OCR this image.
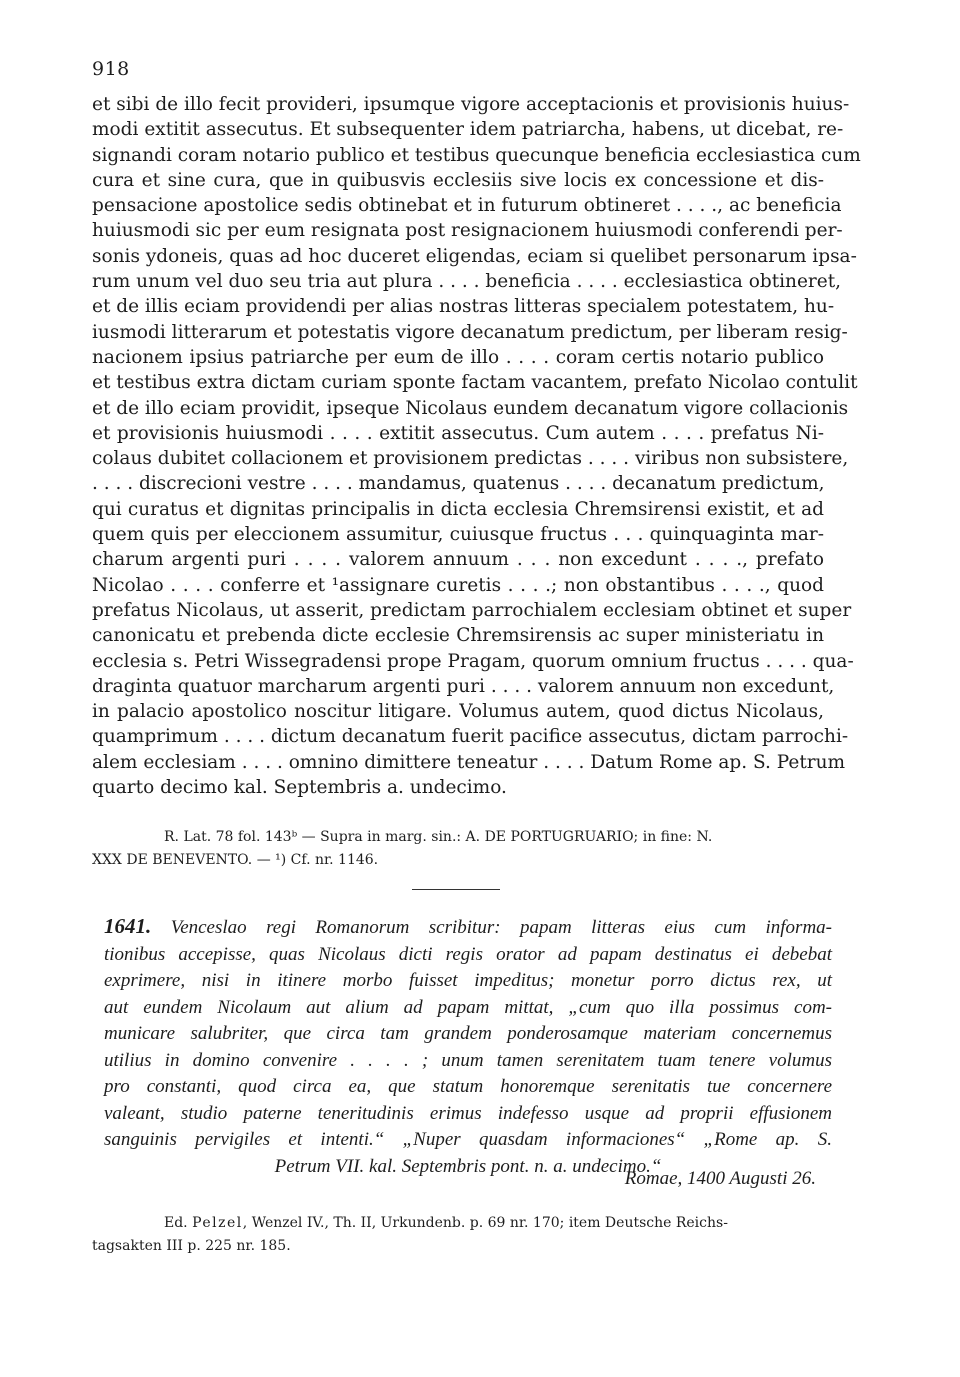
918

et sibi de illo fecit provideri, ipsumque vigore acceptacionis et provisionis huius-
modi extitit assecutus. Et subsequenter idem patriarcha, habens, ut dicebat, re-
signandi coram notario publico et testibus quecunque beneficia ecclesiastica cum
cura et sine cura, que in quibusvis ecclesiis sive locis ex concessione et dis-
pensacione apostolice sedis obtinebat et in futurum obtineret . . . ., ac beneficia
huiusmodi sic per eum resignata post resignacionem huiusmodi conferendi per-
sonis ydoneis, quas ad hoc duceret eligendas, eciam si quelibet personarum ipsa-
rum unum vel duo seu tria aut plura . . . . beneficia . . . . ecclesiastica obtineret,
et de illis eciam providendi per alias nostras litteras specialem potestatem, hu-
iusmodi litterarum et potestatis vigore decanatum predictum, per liberam resig-
nacionem ipsius patriarche per eum de illo . . . . coram certis notario publico
et testibus extra dictam curiam sponte factam vacantem, prefato Nicolao contulit
et de illo eciam providit, ipseque Nicolaus eundem decanatum vigore collacionis
et provisionis huiusmodi . . . . extitit assecutus. Cum autem . . . . prefatus Ni-
colaus dubitet collacionem et provisionem predictas . . . . viribus non subsistere,
. . . . discrecioni vestre . . . . mandamus, quatenus . . . . decanatum predictum,
qui curatus et dignitas principalis in dicta ecclesia Chremsirensi existit, et ad
quem quis per eleccionem assumitur, cuiusque fructus . . . quinquaginta mar-
charum argenti puri . . . . valorem annuum . . . non excedunt . . . ., prefato
Nicolao . . . . conferre et ¹assignare curetis . . . .; non obstantibus . . . ., quod
prefatus Nicolaus, ut asserit, predictam parrochialem ecclesiam obtinet et super
canonicatu et prebenda dicte ecclesie Chremsirensis ac super ministeriatu in
ecclesia s. Petri Wissegradensi prope Pragam, quorum omnium fructus . . . . qua-
draginta quatuor marcharum argenti puri . . . . valorem annuum non excedunt,
in palacio apostolico noscitur litigare. Volumus autem, quod dictus Nicolaus,
quamprimum . . . . dictum decanatum fuerit pacifice assecutus, dictam parrochi-
alem ecclesiam . . . . omnino dimittere teneatur . . . . Datum Rome ap. S. Petrum
quarto decimo kal. Septembris a. undecimo.

R. Lat. 78 fol. 143ᵇ — Supra in marg. sin.: A. DE PORTUGRUARIO; in fine: N.
XXX DE BENEVENTO. — ¹) Cf. nr. 1146.

1641. Venceslao regi Romanorum scribitur: papam litteras eius cum informa-
tionibus accepisse, quas Nicolaus dicti regis orator ad papam destinatus ei debebat
exprimere, nisi in itinere morbo fuisset impeditus; monetur porro dictus rex, ut
aut eundem Nicolaum aut alium ad papam mittat, „cum quo illa possimus com-
municare salubriter, que circa tam grandem ponderosamque materiam concernemus
utilius in domino convenire . . . . ; unum tamen serenitatem tuam tenere volumus
pro constanti, quod circa ea, que statum honoremque serenitatis tue concernere
valeant, studio paterne teneritudinis erimus indefesso usque ad proprii effusionem
sanguinis pervigiles et intenti.“ „Nuper quasdam informaciones“ „Rome ap. S.
Petrum VII. kal. Septembris pont. n. a. undecimo.“

Romae, 1400 Augusti 26.

Ed. Pelzel, Wenzel IV., Th. II, Urkundenb. p. 69 nr. 170; item Deutsche Reichs-
tagsakten III p. 225 nr. 185.
